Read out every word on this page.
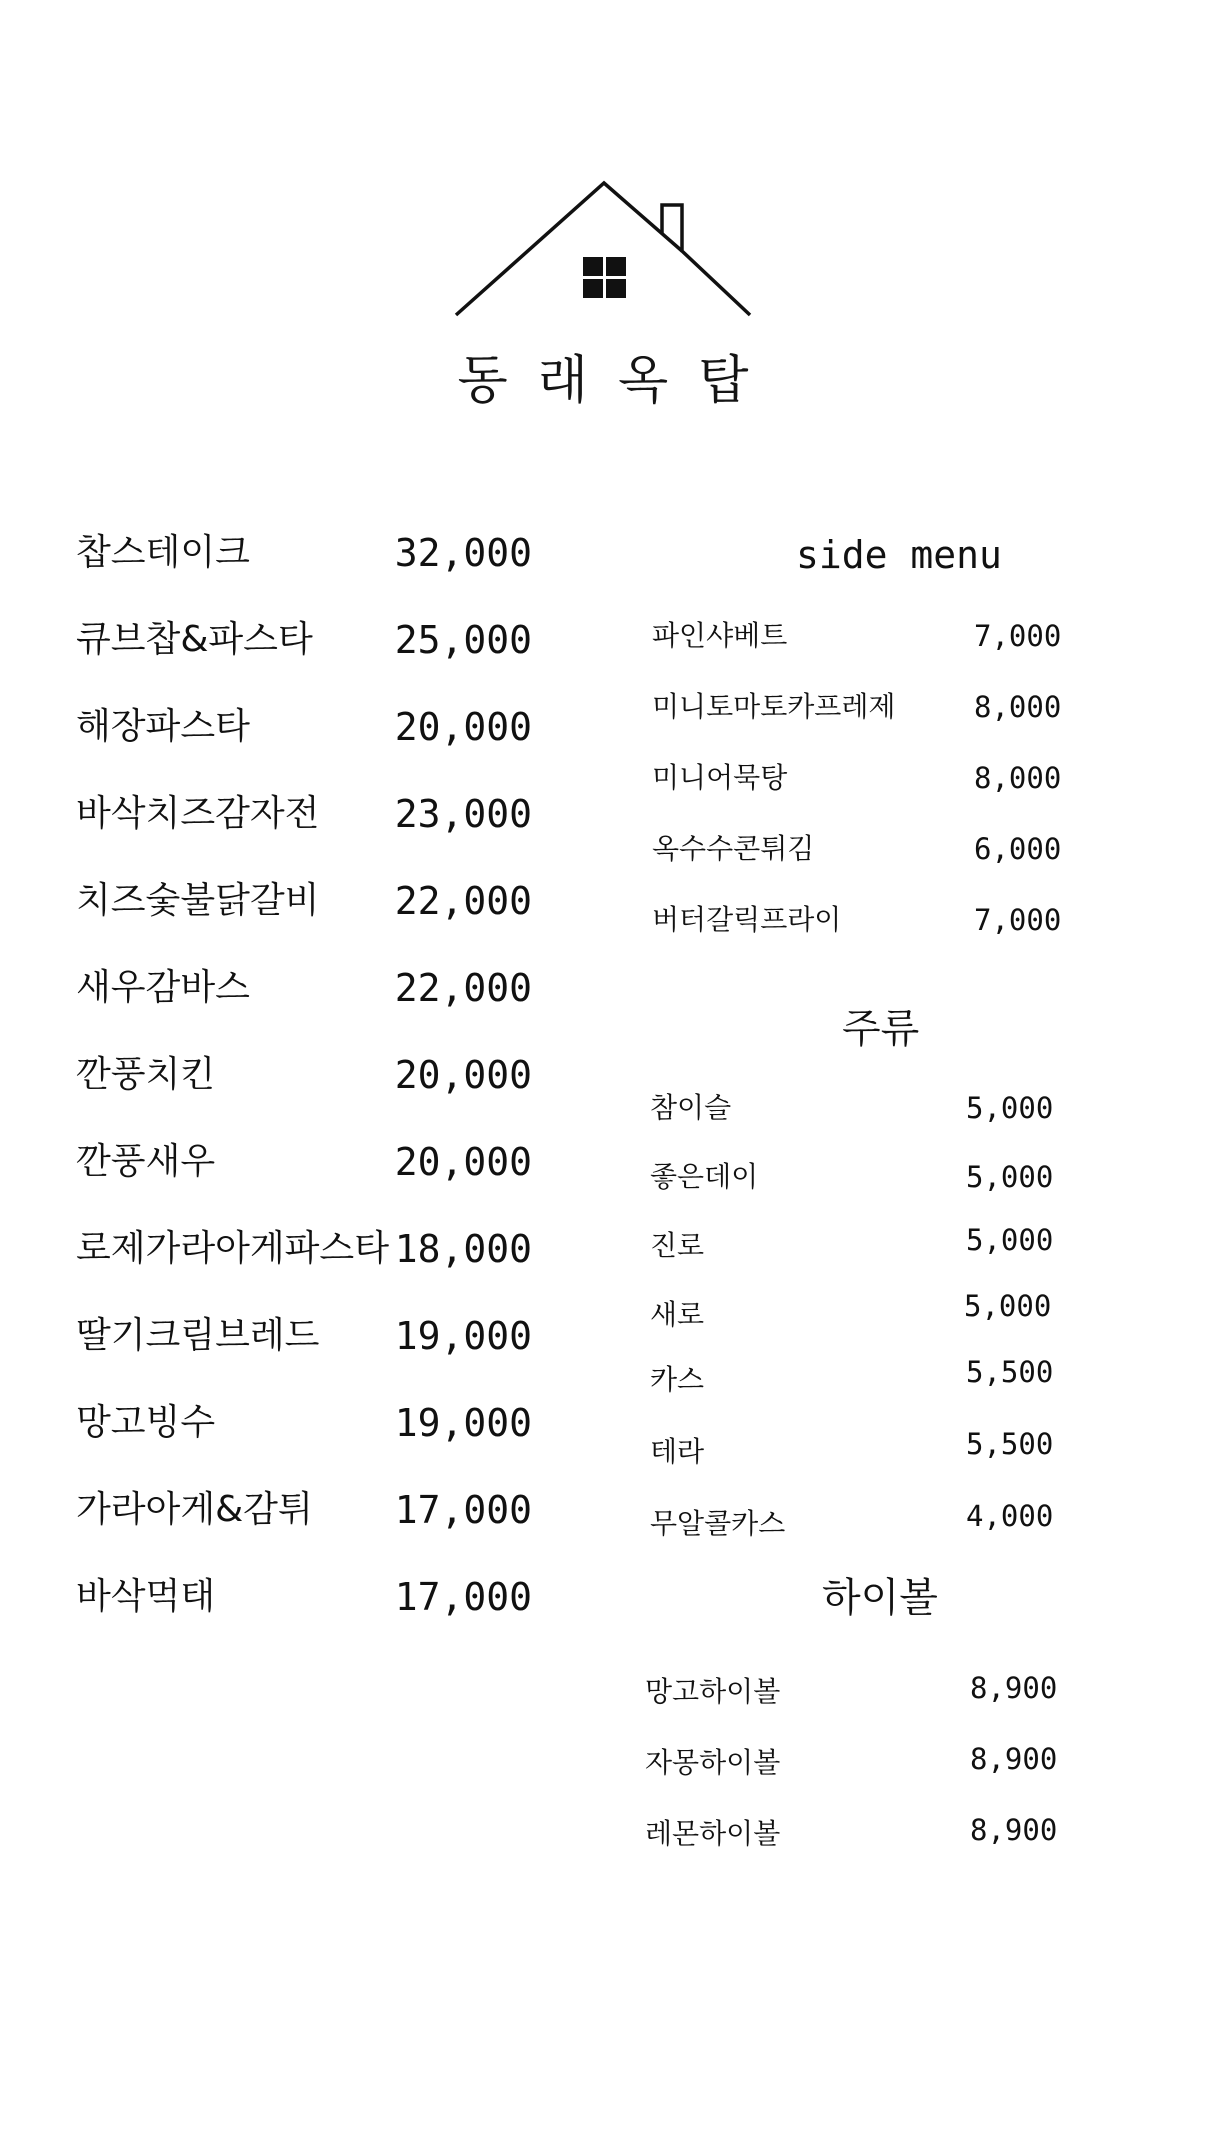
동래옥탑
찹스테이크	32,000
큐브찹&파스타 25,000
해장파스타	20,000
바삭치즈감자전 23,000
치즈숯불닭갈비 22,000
새우감바스	22,000
깐풍치킨	20,000
깐풍새우	20,000
로제가라아게파스타 18,000
딸기크림브레드 19,000
망고빙수	19,000
가라아게&감튀 17,000
바삭먹태	17,000
side menu
파인샤베트	7,000
미니토마토카프레제	8,000
미니어묵탕	8,000
옥수수콘튀김	6,000
버터갈릭프라이	7,000
주류
참이슬	5,000
좋은데이	5,000
진로	5,000
새로	5,000
카스	5,500
테라	5,500
무알콜카스	4,000
하이볼
망고하이볼	8,900
자몽하이볼	8,900
레몬하이볼	8,900
